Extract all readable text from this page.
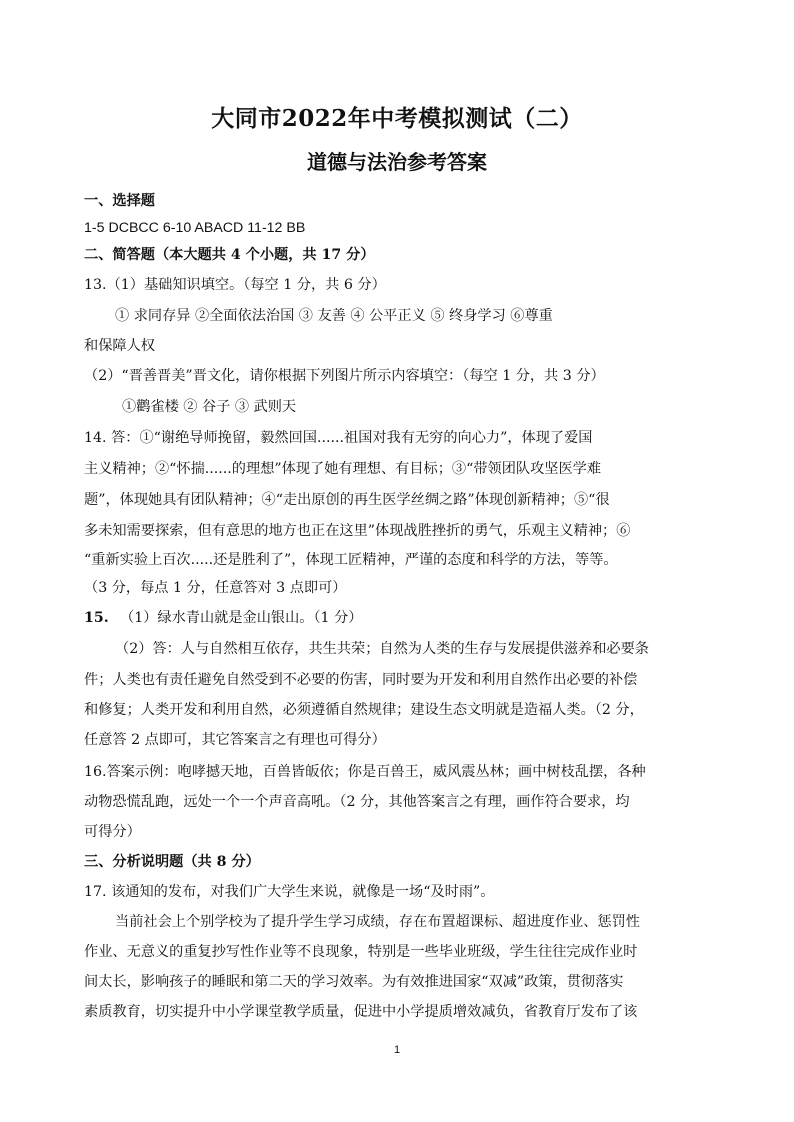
大同市2022年中考模拟测试（二）
道德与法治参考答案
一、选择题
1-5 DCBCC 6-10 ABACD 11-12 BB
二、简答题（本大题共 4 个小题，共 17 分）
13.（1）基础知识填空。（每空 1 分，共 6 分）
① 求同存异 ②全面依法治国 ③ 友善 ④ 公平正义 ⑤ 终身学习 ⑥尊重
和保障人权
（2）“晋善晋美”晋文化，请你根据下列图片所示内容填空：（每空 1 分，共 3 分）
①鹳雀楼 ② 谷子 ③ 武则天
14. 答：①“谢绝导师挽留，毅然回国......祖国对我有无穷的向心力”，体现了爱国
主义精神；②“怀揣......的理想”体现了她有理想、有目标；③“带领团队攻坚医学难
题”，体现她具有团队精神；④“走出原创的再生医学丝绸之路”体现创新精神；⑤“很
多未知需要探索，但有意思的地方也正在这里”体现战胜挫折的勇气，乐观主义精神；⑥
“重新实验上百次.....还是胜利了”，体现工匠精神，严谨的态度和科学的方法，等等。
（3 分，每点 1 分，任意答对 3 点即可）
15. （1）绿水青山就是金山银山。（1 分）
（2）答：人与自然相互依存，共生共荣；自然为人类的生存与发展提供滋养和必要条
件；人类也有责任避免自然受到不必要的伤害，同时要为开发和利用自然作出必要的补偿
和修复；人类开发和利用自然，必须遵循自然规律；建设生态文明就是造福人类。（2 分，
任意答 2 点即可，其它答案言之有理也可得分）
16.答案示例：咆哮撼天地，百兽皆皈依；你是百兽王，威风震丛林；画中树枝乱摆，各种
动物恐慌乱跑，远处一个一个声音高吼。（2 分，其他答案言之有理，画作符合要求，均
可得分）
三、分析说明题（共 8 分）
17. 该通知的发布，对我们广大学生来说，就像是一场“及时雨”。
当前社会上个别学校为了提升学生学习成绩，存在布置超课标、超进度作业、惩罚性
作业、无意义的重复抄写性作业等不良现象，特别是一些毕业班级，学生往往完成作业时
间太长，影响孩子的睡眠和第二天的学习效率。为有效推进国家“双减”政策，贯彻落实
素质教育，切实提升中小学课堂教学质量，促进中小学提质增效减负，省教育厅发布了该
1
